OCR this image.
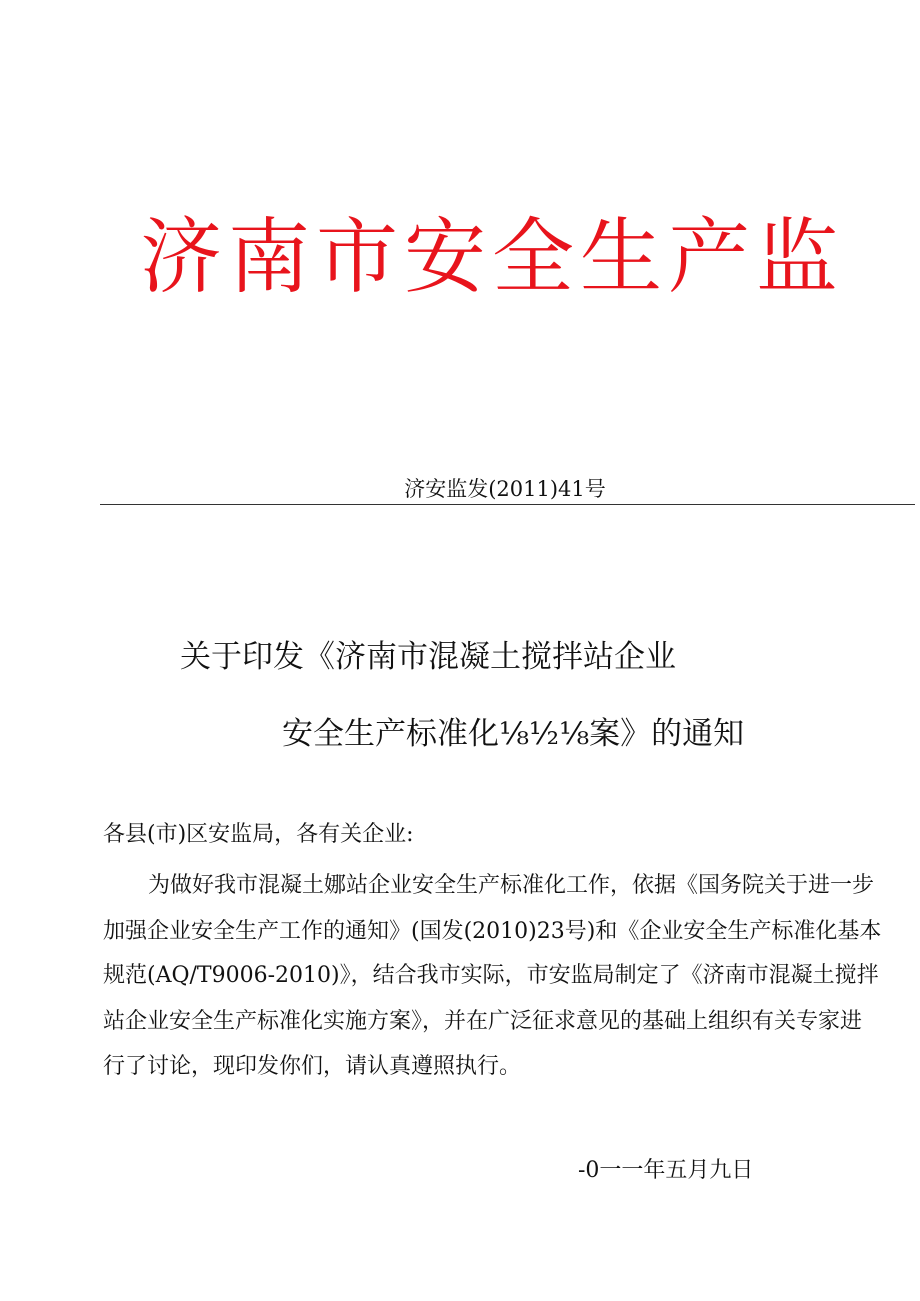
济南市安全生产监
济安监发(2011)41号
关于印发《济南市混凝土搅拌站企业
安全生产标准化⅛½⅛案》的通知
各县(市)区安监局，各有关企业:
为做好我市混凝土娜站企业安全生产标准化工作，依据《国务院关于进一步
加强企业安全生产工作的通知》(国发(2010)23号)和《企业安全生产标准化基本
规范(AQ/T9006-2010)》，结合我市实际，市安监局制定了《济南市混凝土搅拌
站企业安全生产标准化实施方案》，并在广泛征求意见的基础上组织有关专家进
行了讨论，现印发你们，请认真遵照执行。
-0一一年五月九日
